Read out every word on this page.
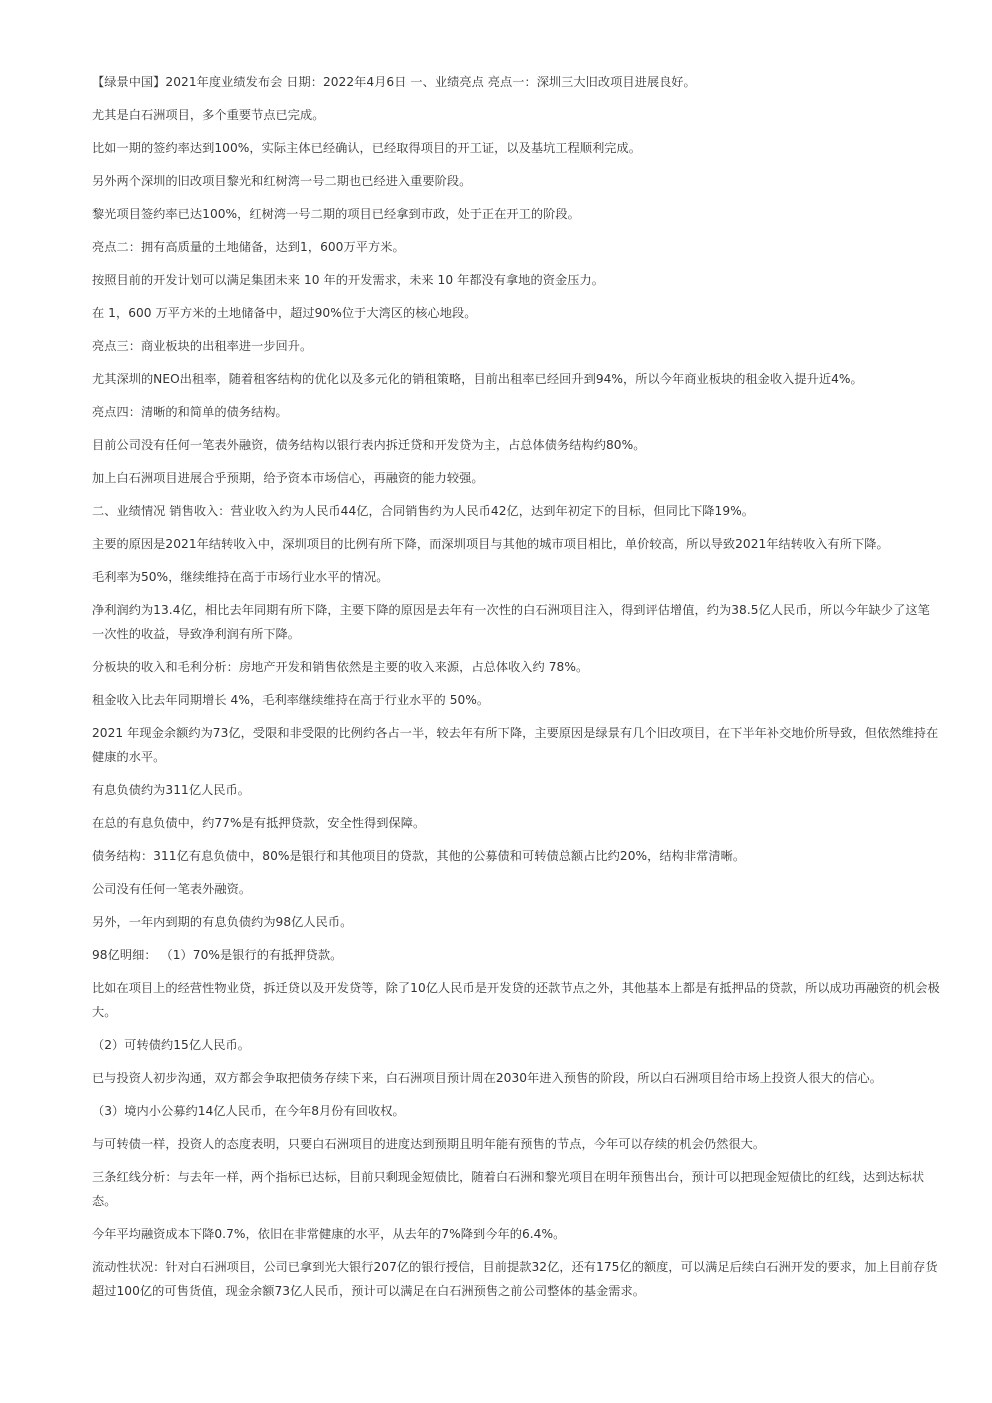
【绿景中国】2021年度业绩发布会 日期：2022年4月6日 一、业绩亮点 亮点一：深圳三大旧改项目进展良好。

尤其是白石洲项目，多个重要节点已完成。

比如一期的签约率达到100%，实际主体已经确认，已经取得项目的开工证，以及基坑工程顺利完成。

另外两个深圳的旧改项目黎光和红树湾一号二期也已经进入重要阶段。

黎光项目签约率已达100%，红树湾一号二期的项目已经拿到市政，处于正在开工的阶段。

亮点二：拥有高质量的土地储备，达到1，600万平方米。

按照目前的开发计划可以满足集团未来 10 年的开发需求，未来 10 年都没有拿地的资金压力。

在 1，600 万平方米的土地储备中，超过90%位于大湾区的核心地段。

亮点三：商业板块的出租率进一步回升。

尤其深圳的NEO出租率，随着租客结构的优化以及多元化的销租策略，目前出租率已经回升到94%，所以今年商业板块的租金收入提升近4%。

亮点四：清晰的和简单的债务结构。

目前公司没有任何一笔表外融资，债务结构以银行表内拆迁贷和开发贷为主，占总体债务结构约80%。

加上白石洲项目进展合乎预期，给予资本市场信心，再融资的能力较强。

二、业绩情况 销售收入：营业收入约为人民币44亿，合同销售约为人民币42亿，达到年初定下的目标，但同比下降19%。

主要的原因是2021年结转收入中，深圳项目的比例有所下降，而深圳项目与其他的城市项目相比，单价较高，所以导致2021年结转收入有所下降。

毛利率为50%，继续维持在高于市场行业水平的情况。

净利润约为13.4亿，相比去年同期有所下降，主要下降的原因是去年有一次性的白石洲项目注入，得到评估增值，约为38.5亿人民币，所以今年缺少了这笔一次性的收益，导致净利润有所下降。

分板块的收入和毛利分析：房地产开发和销售依然是主要的收入来源，占总体收入约 78%。

租金收入比去年同期增长 4%，毛利率继续维持在高于行业水平的 50%。

2021 年现金余额约为73亿，受限和非受限的比例约各占一半，较去年有所下降，主要原因是绿景有几个旧改项目，在下半年补交地价所导致，但依然维持在健康的水平。

有息负债约为311亿人民币。

在总的有息负债中，约77%是有抵押贷款，安全性得到保障。

债务结构：311亿有息负债中，80%是银行和其他项目的贷款，其他的公募债和可转债总额占比约20%，结构非常清晰。

公司没有任何一笔表外融资。

另外，一年内到期的有息负债约为98亿人民币。

98亿明细： （1）70%是银行的有抵押贷款。

比如在项目上的经营性物业贷，拆迁贷以及开发贷等，除了10亿人民币是开发贷的还款节点之外，其他基本上都是有抵押品的贷款，所以成功再融资的机会极大。

（2）可转债约15亿人民币。

已与投资人初步沟通，双方都会争取把债务存续下来，白石洲项目预计周在2030年进入预售的阶段，所以白石洲项目给市场上投资人很大的信心。

（3）境内小公募约14亿人民币，在今年8月份有回收权。

与可转债一样，投资人的态度表明，只要白石洲项目的进度达到预期且明年能有预售的节点，今年可以存续的机会仍然很大。

三条红线分析：与去年一样，两个指标已达标，目前只剩现金短债比，随着白石洲和黎光项目在明年预售出台，预计可以把现金短债比的红线，达到达标状态。

今年平均融资成本下降0.7%，依旧在非常健康的水平，从去年的7%降到今年的6.4%。

流动性状况：针对白石洲项目，公司已拿到光大银行207亿的银行授信，目前提款32亿，还有175亿的额度，可以满足后续白石洲开发的要求，加上目前存货超过100亿的可售货值，现金余额73亿人民币，预计可以满足在白石洲预售之前公司整体的基金需求。
